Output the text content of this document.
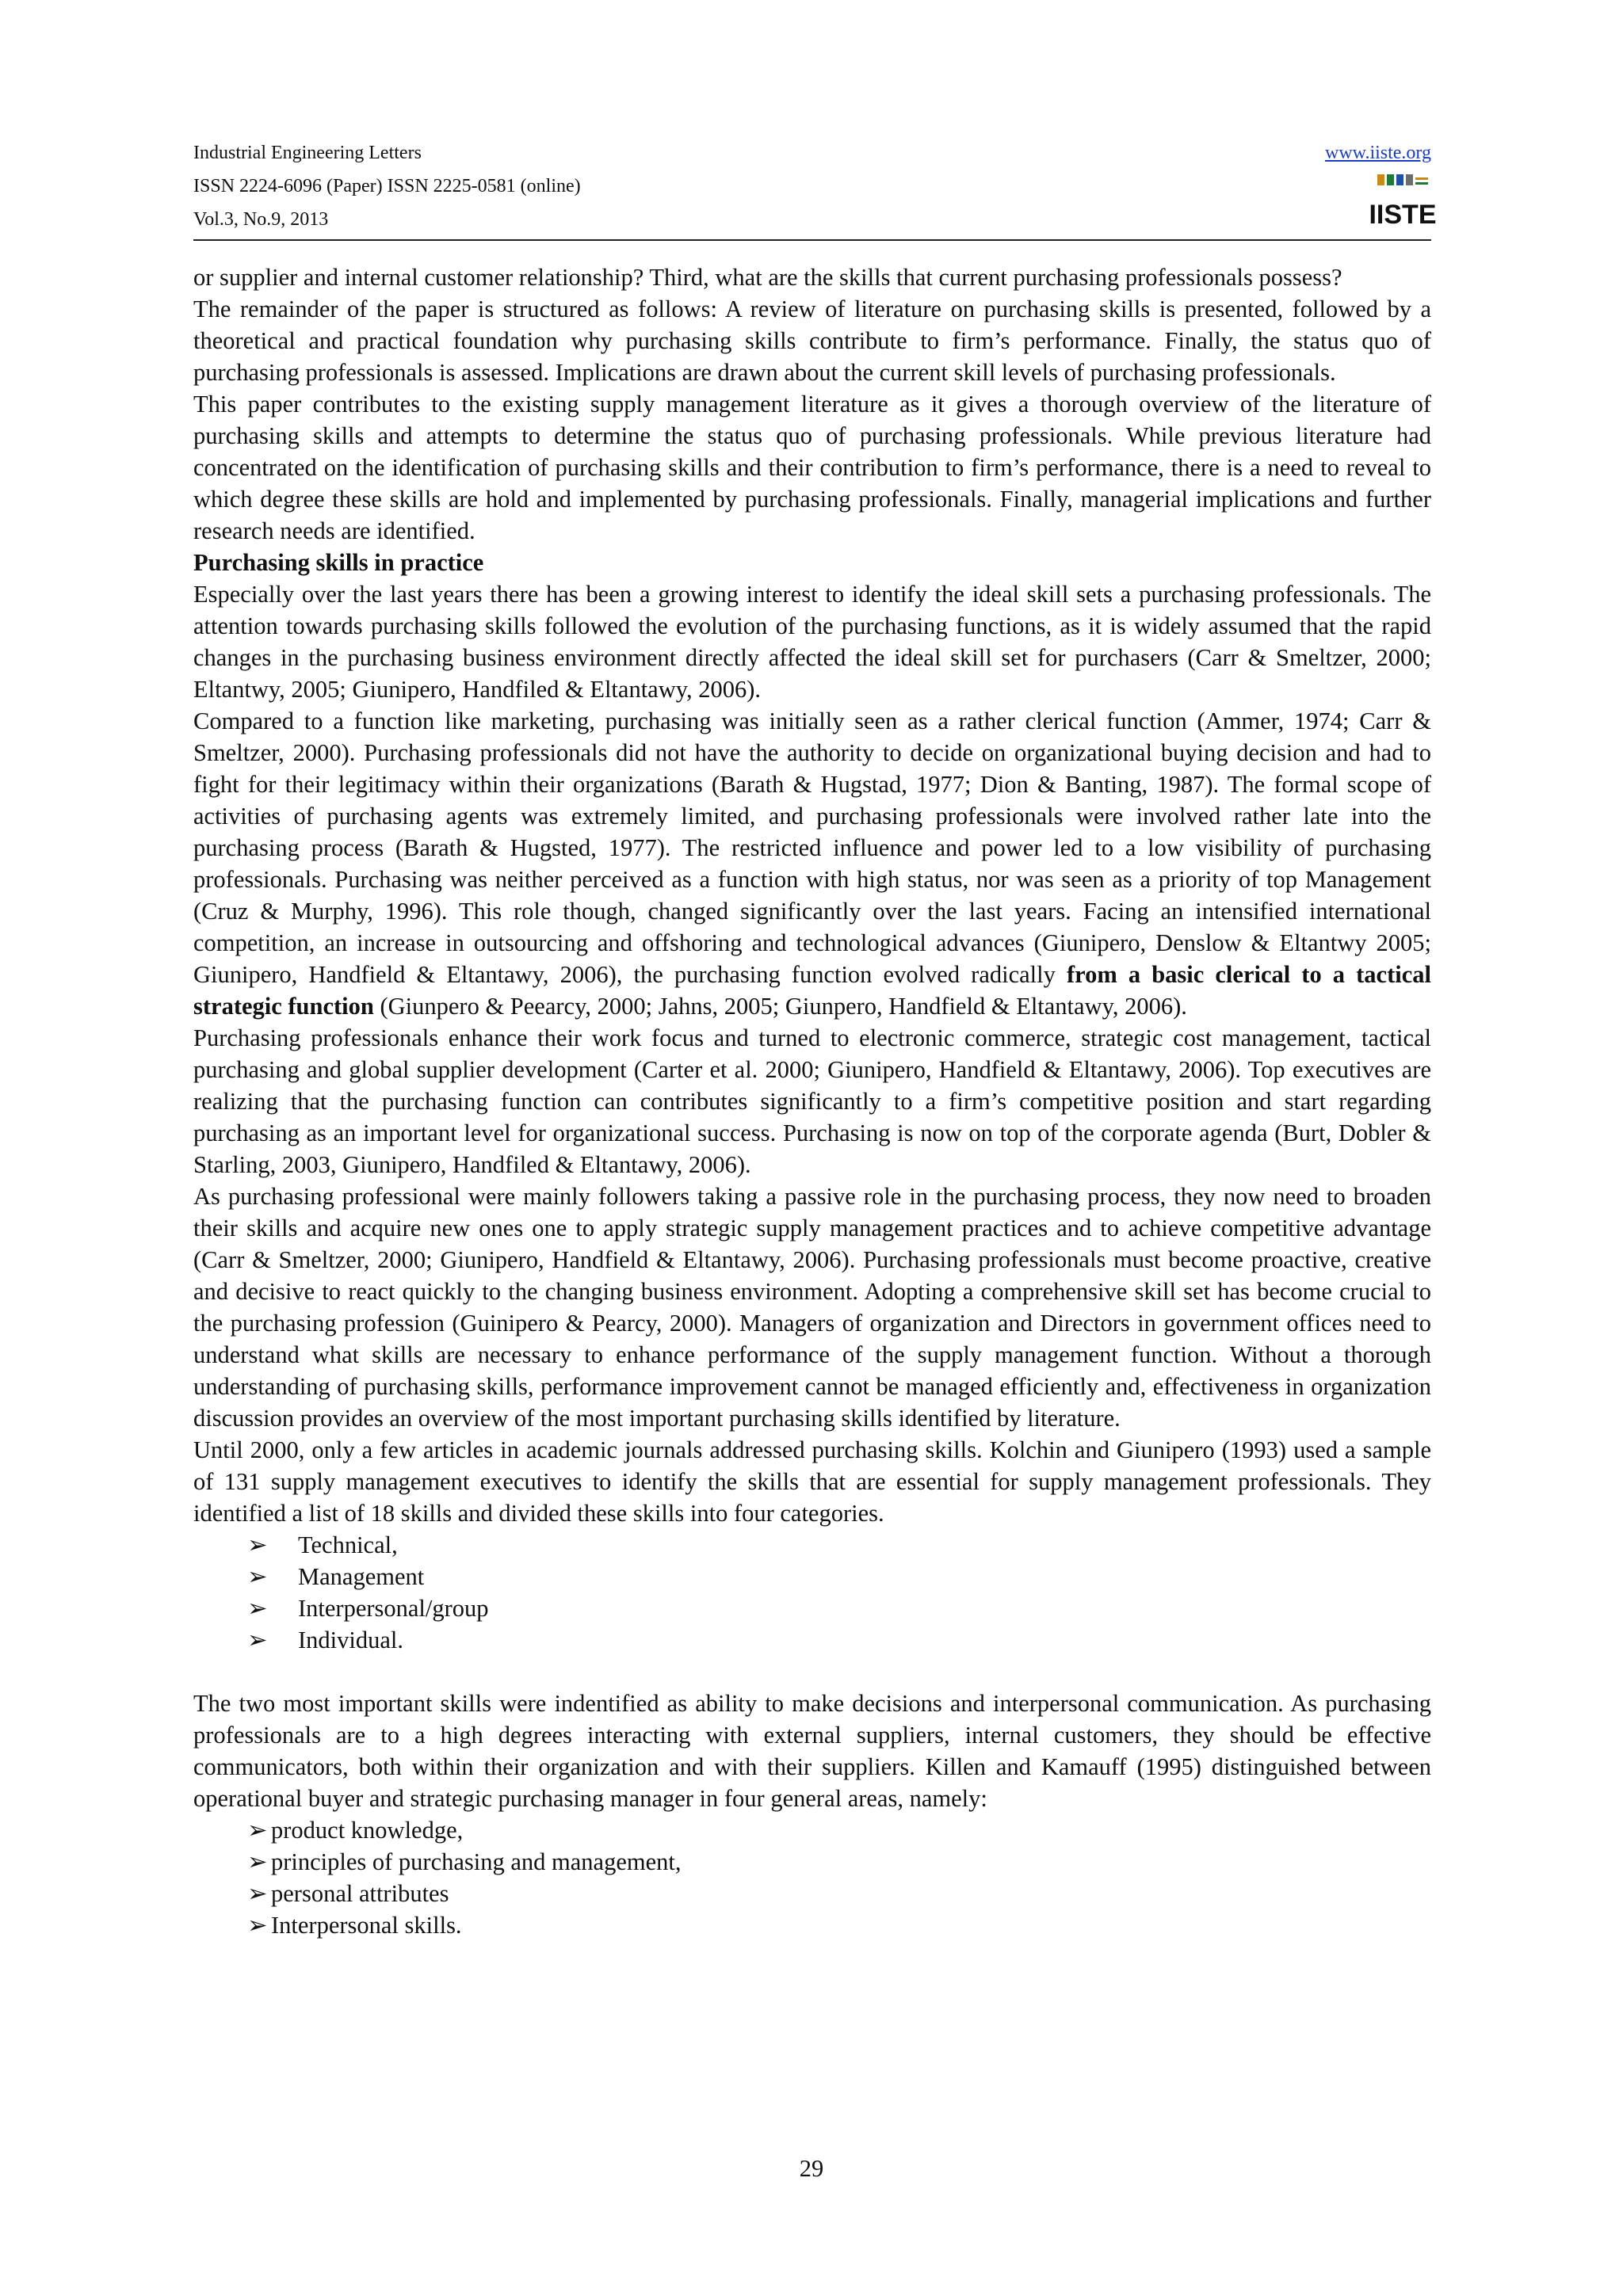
Industrial Engineering Letters
ISSN 2224-6096 (Paper) ISSN 2225-0581 (online)
Vol.3, No.9, 2013
www.iiste.org
IISTE

or supplier and internal customer relationship? Third, what are the skills that current purchasing professionals possess?

The remainder of the paper is structured as follows: A review of literature on purchasing skills is presented, followed by a theoretical and practical foundation why purchasing skills contribute to firm’s performance. Finally, the status quo of purchasing professionals is assessed. Implications are drawn about the current skill levels of purchasing professionals.

This paper contributes to the existing supply management literature as it gives a thorough overview of the literature of purchasing skills and attempts to determine the status quo of purchasing professionals. While previous literature had concentrated on the identification of purchasing skills and their contribution to firm’s performance, there is a need to reveal to which degree these skills are hold and implemented by purchasing professionals. Finally, managerial implications and further research needs are identified.

Purchasing skills in practice

Especially over the last years there has been a growing interest to identify the ideal skill sets a purchasing professionals. The attention towards purchasing skills followed the evolution of the purchasing functions, as it is widely assumed that the rapid changes in the purchasing business environment directly affected the ideal skill set for purchasers (Carr & Smeltzer, 2000; Eltantwy, 2005; Giunipero, Handfiled & Eltantawy, 2006).

Compared to a function like marketing, purchasing was initially seen as a rather clerical function (Ammer, 1974; Carr & Smeltzer, 2000). Purchasing professionals did not have the authority to decide on organizational buying decision and had to fight for their legitimacy within their organizations (Barath & Hugstad, 1977; Dion & Banting, 1987). The formal scope of activities of purchasing agents was extremely limited, and purchasing professionals were involved rather late into the purchasing process (Barath & Hugsted, 1977). The restricted influence and power led to a low visibility of purchasing professionals. Purchasing was neither perceived as a function with high status, nor was seen as a priority of top Management (Cruz & Murphy, 1996). This role though, changed significantly over the last years. Facing an intensified international competition, an increase in outsourcing and offshoring and technological advances (Giunipero, Denslow & Eltantwy 2005; Giunipero, Handfield & Eltantawy, 2006), the purchasing function evolved radically from a basic clerical to a tactical strategic function (Giunpero & Peearcy, 2000; Jahns, 2005; Giunpero, Handfield & Eltantawy, 2006).

Purchasing professionals enhance their work focus and turned to electronic commerce, strategic cost management, tactical purchasing and global supplier development (Carter et al. 2000; Giunipero, Handfield & Eltantawy, 2006). Top executives are realizing that the purchasing function can contributes significantly to a firm’s competitive position and start regarding purchasing as an important level for organizational success. Purchasing is now on top of the corporate agenda (Burt, Dobler & Starling, 2003, Giunipero, Handfiled & Eltantawy, 2006).

As purchasing professional were mainly followers taking a passive role in the purchasing process, they now need to broaden their skills and acquire new ones one to apply strategic supply management practices and to achieve competitive advantage (Carr & Smeltzer, 2000; Giunipero, Handfield & Eltantawy, 2006). Purchasing professionals must become proactive, creative and decisive to react quickly to the changing business environment. Adopting a comprehensive skill set has become crucial to the purchasing profession (Guinipero & Pearcy, 2000). Managers of organization and Directors in government offices need to understand what skills are necessary to enhance performance of the supply management function. Without a thorough understanding of purchasing skills, performance improvement cannot be managed efficiently and, effectiveness in organization discussion provides an overview of the most important purchasing skills identified by literature.

Until 2000, only a few articles in academic journals addressed purchasing skills. Kolchin and Giunipero (1993) used a sample of 131 supply management executives to identify the skills that are essential for supply management professionals. They identified a list of 18 skills and divided these skills into four categories.

➢ Technical,
➢ Management
➢ Interpersonal/group
➢ Individual.

The two most important skills were indentified as ability to make decisions and interpersonal communication. As purchasing professionals are to a high degrees interacting with external suppliers, internal customers, they should be effective communicators, both within their organization and with their suppliers. Killen and Kamauff (1995) distinguished between operational buyer and strategic purchasing manager in four general areas, namely:

➢ product knowledge,
➢ principles of purchasing and management,
➢ personal attributes
➢ Interpersonal skills.
29
